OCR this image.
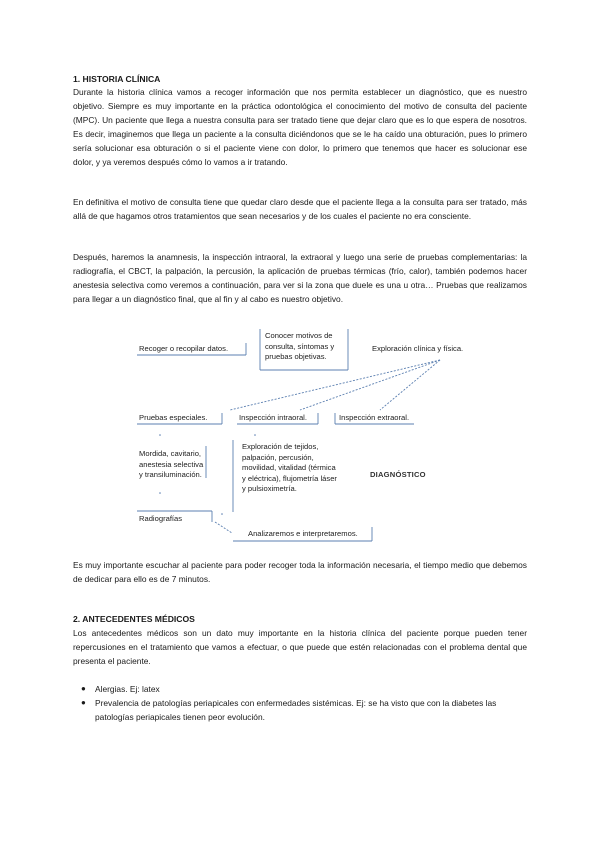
1. HISTORIA CLÍNICA
Durante la historia clínica vamos a recoger información que nos permita establecer un diagnóstico, que es nuestro objetivo. Siempre es muy importante en la práctica odontológica el conocimiento del motivo de consulta del paciente (MPC). Un paciente que llega a nuestra consulta para ser tratado tiene que dejar claro que es lo que espera de nosotros. Es decir, imaginemos que llega un paciente a la consulta diciéndonos que se le ha caído una obturación, pues lo primero sería solucionar esa obturación o si el paciente viene con dolor, lo primero que tenemos que hacer es solucionar ese dolor, y ya veremos después cómo lo vamos a ir tratando.
En definitiva el motivo de consulta tiene que quedar claro desde que el paciente llega a la consulta para ser tratado, más allá de que hagamos otros tratamientos que sean necesarios y de los cuales el paciente no era consciente.
Después, haremos la anamnesis, la inspección intraoral, la extraoral y luego una serie de pruebas complementarias: la radiografía, el CBCT, la palpación, la percusión, la aplicación de pruebas térmicas (frío, calor), también podemos hacer anestesia selectiva como veremos a continuación, para ver si la zona que duele es una u otra… Pruebas que realizamos para llegar a un diagnóstico final, que al fin y al cabo es nuestro objetivo.
Recoger o recopilar datos.
Conocer motivos de consulta, síntomas y pruebas objetivas.
Exploración clínica y física.
Pruebas especiales.	Inspección intraoral.	Inspección extraoral.
Mordida, cavitario, anestesia selectiva y transiluminación.
Exploración de tejidos, palpación, percusión, movilidad, vitalidad (térmica y eléctrica), flujometría láser y pulsioximetría.
DIAGNÓSTICO
Radiografías
Analizaremos e interpretaremos.
Es muy importante escuchar al paciente para poder recoger toda la información necesaria, el tiempo medio que debemos de dedicar para ello es de 7 minutos.
2. ANTECEDENTES MÉDICOS
Los antecedentes médicos son un dato muy importante en la historia clínica del paciente porque pueden tener repercusiones en el tratamiento que vamos a efectuar, o que puede que estén relacionadas con el problema dental que presenta el paciente.
● Alergias. Ej: latex
● Prevalencia de patologías periapicales con enfermedades sistémicas. Ej: se ha visto que con la diabetes las patologías periapicales tienen peor evolución.
